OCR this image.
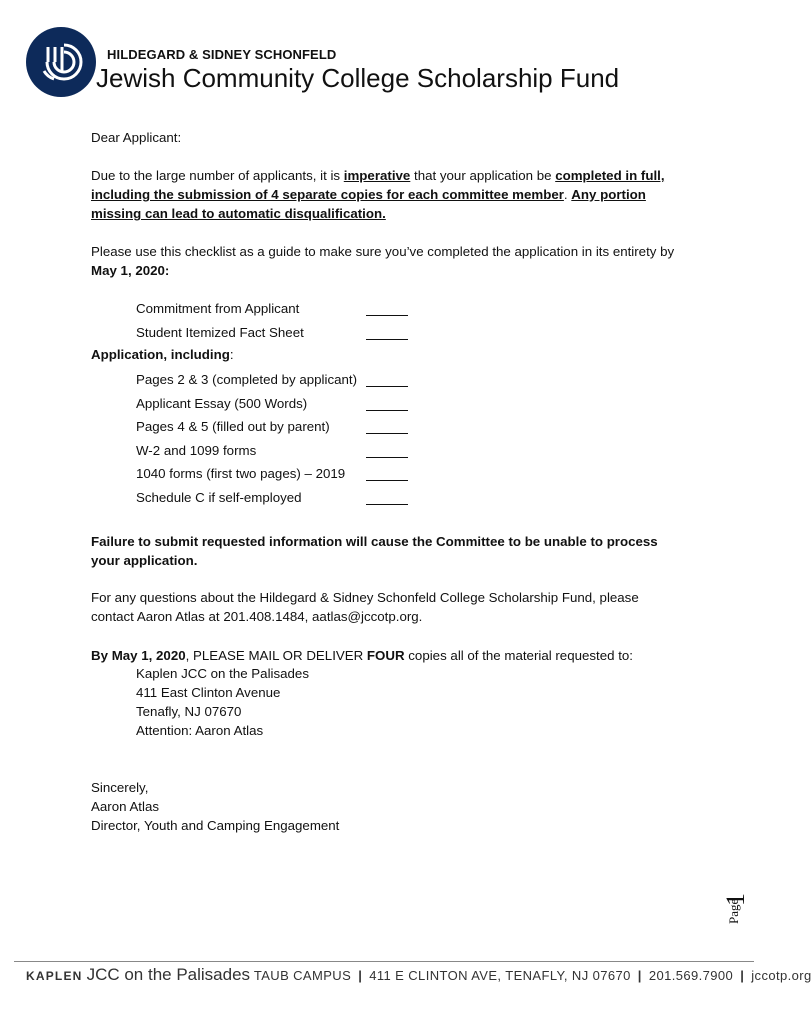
HILDEGARD & SIDNEY SCHONFELD
Jewish Community College Scholarship Fund
Dear Applicant:
Due to the large number of applicants, it is imperative that your application be completed in full, including the submission of 4 separate copies for each committee member. Any portion missing can lead to automatic disqualification.
Please use this checklist as a guide to make sure you’ve completed the application in its entirety by May 1, 2020:
Commitment from Applicant
Student Itemized Fact Sheet
Application, including:
Pages 2 & 3 (completed by applicant)
Applicant Essay (500 Words)
Pages 4 & 5 (filled out by parent)
W-2 and 1099 forms
1040 forms (first two pages) – 2019
Schedule C if self-employed
Failure to submit requested information will cause the Committee to be unable to process your application.
For any questions about the Hildegard & Sidney Schonfeld College Scholarship Fund, please contact Aaron Atlas at 201.408.1484, aatlas@jccotp.org.
By May 1, 2020, PLEASE MAIL OR DELIVER FOUR copies all of the material requested to:
Kaplen JCC on the Palisades
411 East Clinton Avenue
Tenafly, NJ 07670
Attention: Aaron Atlas
Sincerely,
Aaron Atlas
Director, Youth and Camping Engagement
Page
1
KAPLEN JCC on the Palisades TAUB CAMPUS | 411 E CLINTON AVE, TENAFLY, NJ 07670 | 201.569.7900 | jccotp.org
